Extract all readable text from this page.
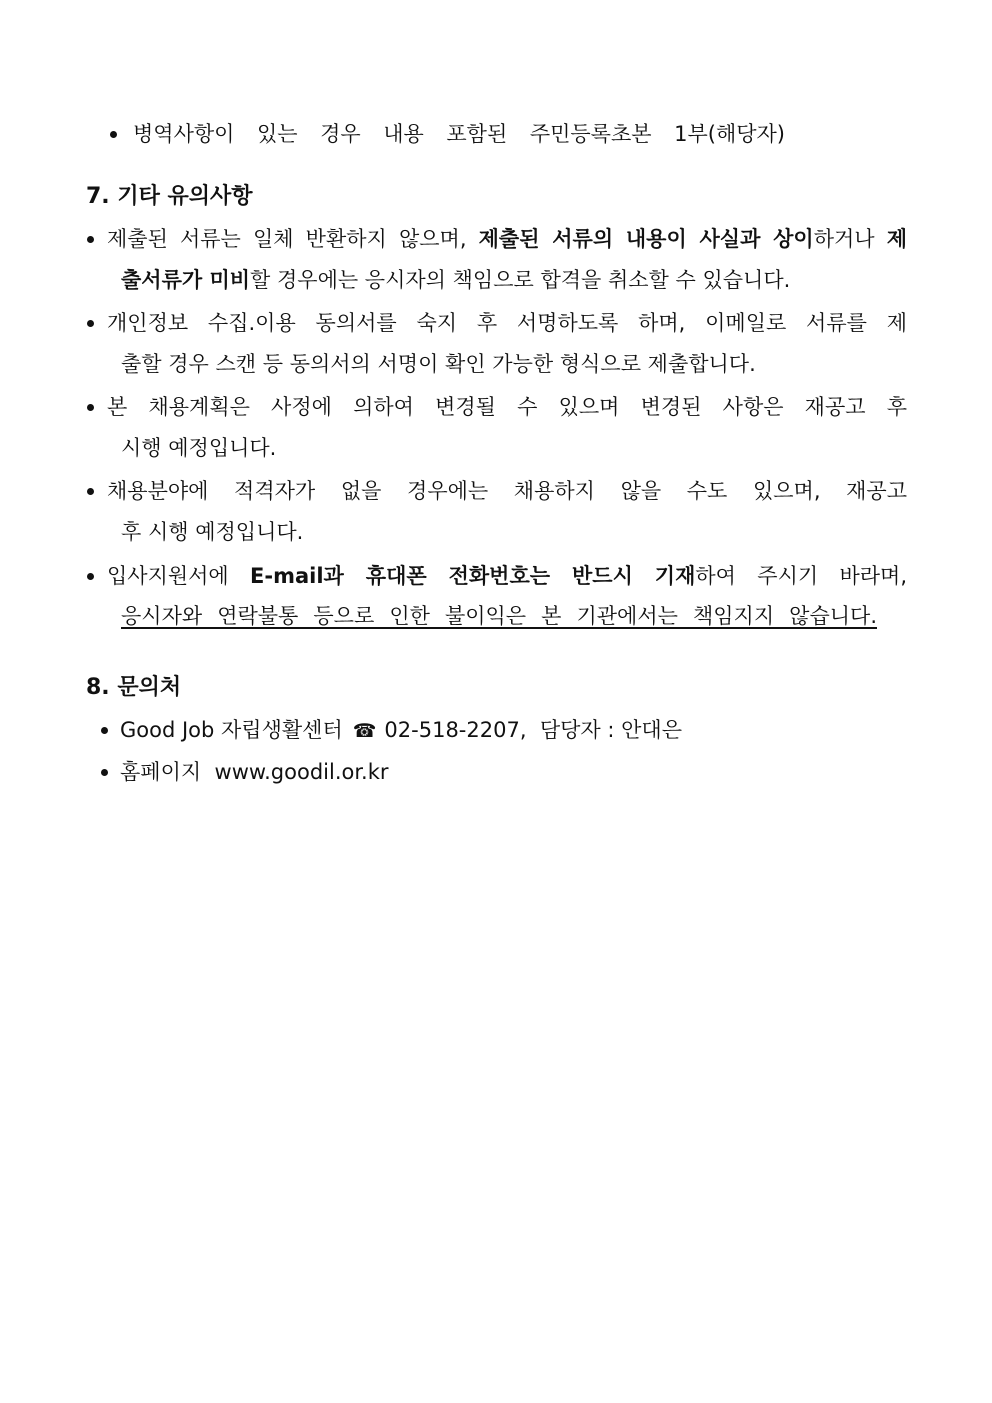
병역사항이 있는 경우 내용 포함된 주민등록초본 1부(해당자)
7. 기타 유의사항
제출된 서류는 일체 반환하지 않으며, 제출된 서류의 내용이 사실과 상이하거나 제
출서류가 미비할 경우에는 응시자의 책임으로 합격을 취소할 수 있습니다.
개인정보 수집.이용 동의서를 숙지 후 서명하도록 하며, 이메일로 서류를 제
출할 경우 스캔 등 동의서의 서명이 확인 가능한 형식으로 제출합니다.
본 채용계획은 사정에 의하여 변경될 수 있으며 변경된 사항은 재공고 후
시행 예정입니다.
채용분야에 적격자가 없을 경우에는 채용하지 않을 수도 있으며, 재공고
후 시행 예정입니다.
입사지원서에 E-mail과 휴대폰 전화번호는 반드시 기재하여 주시기 바라며,
응시자와 연락불통 등으로 인한 불이익은 본 기관에서는 책임지지 않습니다.
8. 문의처
Good Job 자립생활센터 ☎ 02-518-2207, 담당자 : 안대은
홈페이지 www.goodil.or.kr
